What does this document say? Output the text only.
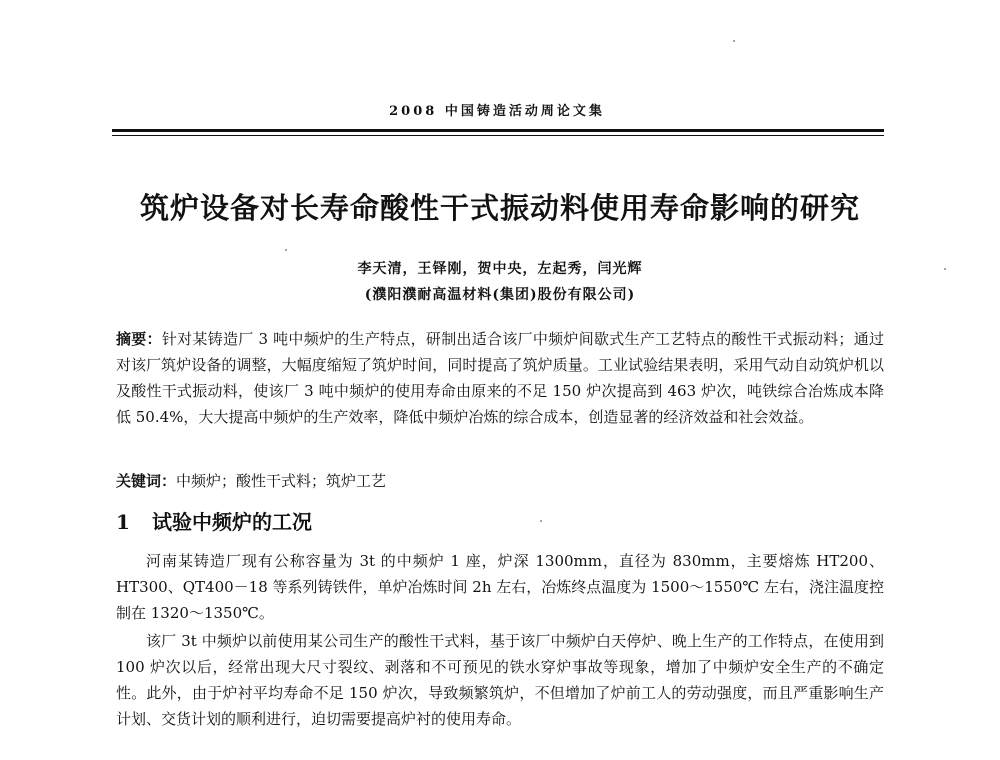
2008 中国铸造活动周论文集
筑炉设备对长寿命酸性干式振动料使用寿命影响的研究
李天清，王铎刚，贺中央，左起秀，闫光辉
(濮阳濮耐高温材料(集团)股份有限公司)
摘要：针对某铸造厂 3 吨中频炉的生产特点，研制出适合该厂中频炉间歇式生产工艺特点的酸性干式振动料；通过对该厂筑炉设备的调整，大幅度缩短了筑炉时间，同时提高了筑炉质量。工业试验结果表明，采用气动自动筑炉机以及酸性干式振动料，使该厂 3 吨中频炉的使用寿命由原来的不足 150 炉次提高到 463 炉次，吨铁综合冶炼成本降低 50.4%，大大提高中频炉的生产效率，降低中频炉冶炼的综合成本，创造显著的经济效益和社会效益。
关键词：中频炉；酸性干式料；筑炉工艺
1 试验中频炉的工况

河南某铸造厂现有公称容量为 3t 的中频炉 1 座，炉深 1300mm，直径为 830mm，主要熔炼 HT200、HT300、QT400－18 等系列铸铁件，单炉冶炼时间 2h 左右，冶炼终点温度为 1500～1550℃ 左右，浇注温度控制在 1320～1350℃。

该厂 3t 中频炉以前使用某公司生产的酸性干式料，基于该厂中频炉白天停炉、晚上生产的工作特点，在使用到 100 炉次以后，经常出现大尺寸裂纹、剥落和不可预见的铁水穿炉事故等现象，增加了中频炉安全生产的不确定性。此外，由于炉衬平均寿命不足 150 炉次，导致频繁筑炉，不但增加了炉前工人的劳动强度，而且严重影响生产计划、交货计划的顺利进行，迫切需要提高炉衬的使用寿命。
